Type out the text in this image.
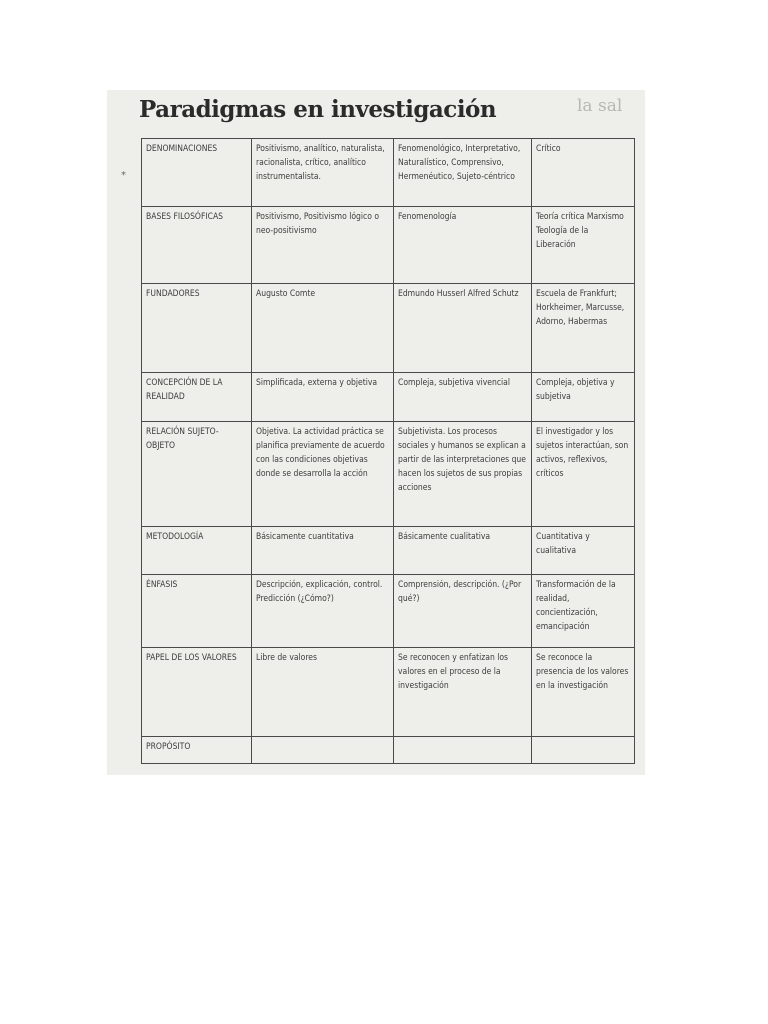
Paradigmas en investigación	la sal
*
DENOMINACIONES	Positivismo, analítico, naturalista, racionalista, crítico, analítico instrumentalista.	Fenomenológico, Interpretativo, Naturalístico, Comprensivo, Hermenéutico, Sujeto-céntrico	Crítico
BASES FILOSÓFICAS	Positivismo, Positivismo lógico o neo-positivismo	Fenomenología	Teoría crítica Marxismo Teología de la Liberación
FUNDADORES	Augusto Comte	Edmundo Husserl Alfred Schutz	Escuela de Frankfurt; Horkheimer, Marcusse, Adorno, Habermas
CONCEPCIÓN DE LA REALIDAD	Simplificada, externa y objetiva	Compleja, subjetiva vivencial	Compleja, objetiva y subjetiva
RELACIÓN SUJETO-OBJETO	Objetiva. La actividad práctica se planifica previamente de acuerdo con las condiciones objetivas donde se desarrolla la acción	Subjetivista. Los procesos sociales y humanos se explican a partir de las interpretaciones que hacen los sujetos de sus propias acciones	El investigador y los sujetos interactúan, son activos, reflexivos, críticos
METODOLOGÍA	Básicamente cuantitativa	Básicamente cualitativa	Cuantitativa y cualitativa
ÉNFASIS	Descripción, explicación, control. Predicción (¿Cómo?)	Comprensión, descripción. (¿Por qué?)	Transformación de la realidad, concientización, emancipación
PAPEL DE LOS VALORES	Libre de valores	Se reconocen y enfatizan los valores en el proceso de la investigación	Se reconoce la presencia de los valores en la investigación
PROPÓSITO			
